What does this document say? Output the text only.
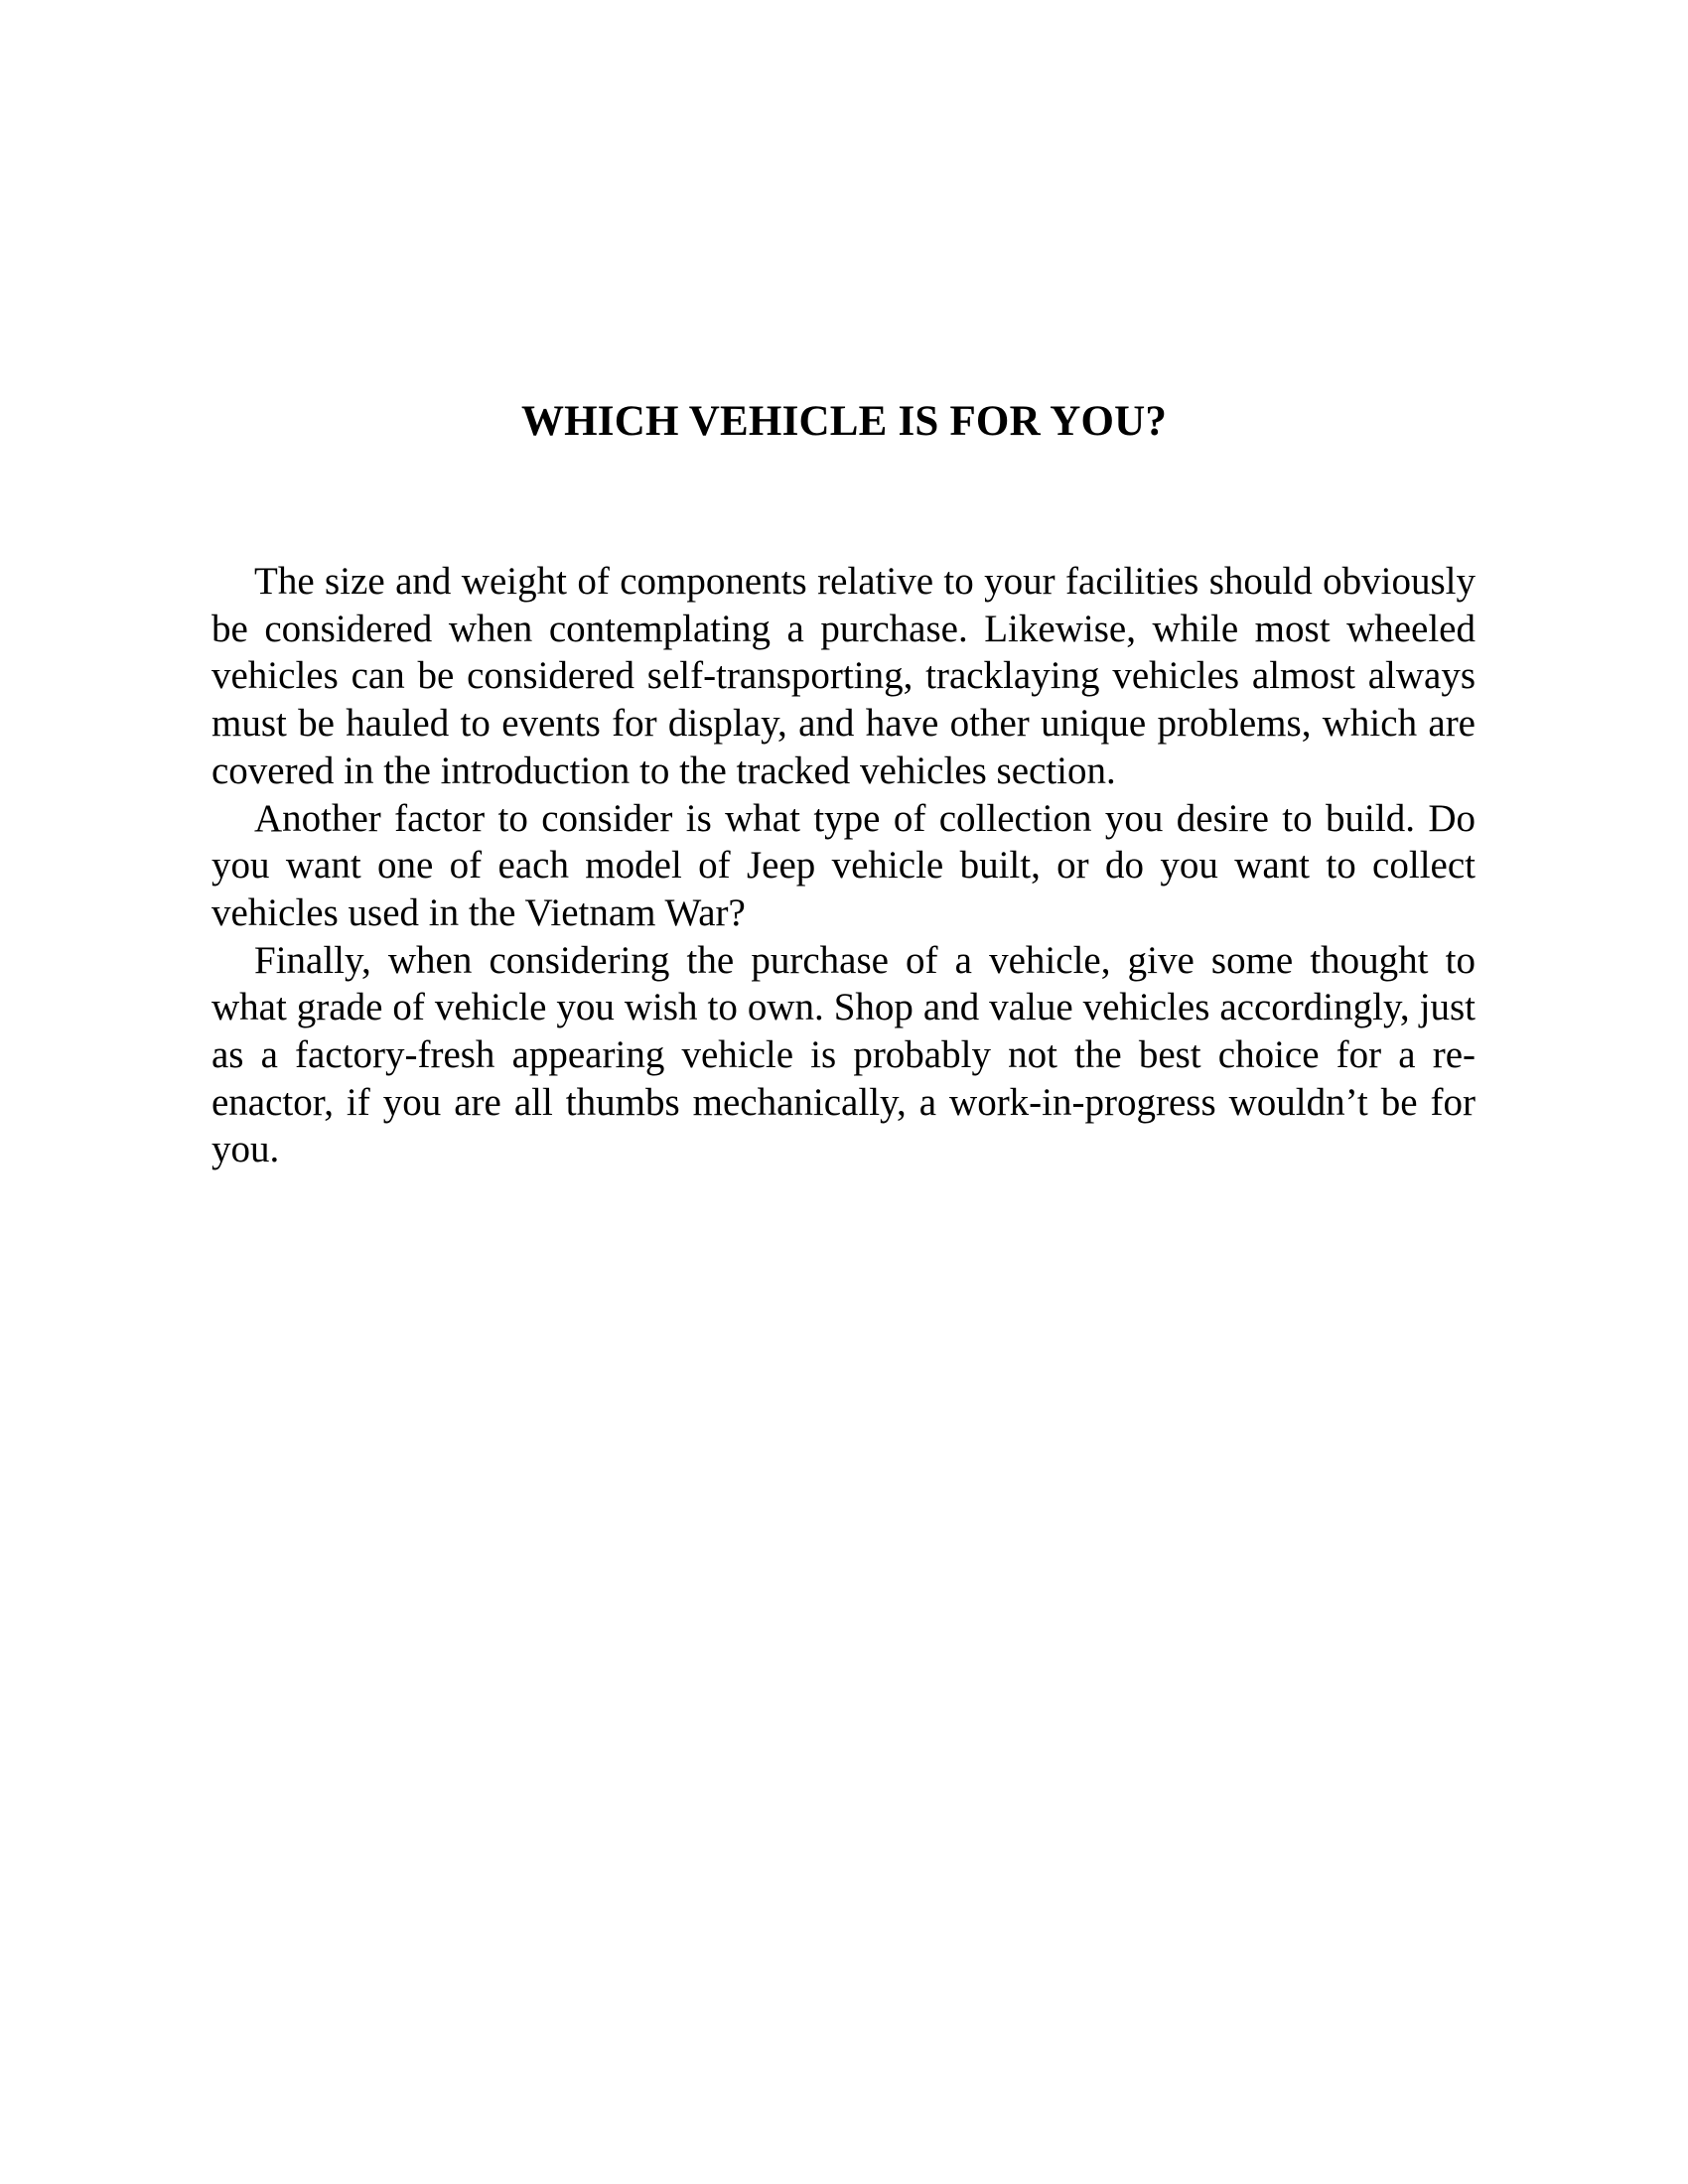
WHICH VEHICLE IS FOR YOU?

The size and weight of components relative to your facilities should obviously be considered when contemplating a purchase. Likewise, while most wheeled vehicles can be considered self-transporting, tracklaying vehicles almost always must be hauled to events for display, and have other unique problems, which are covered in the introduction to the tracked vehicles section.

Another factor to consider is what type of collection you desire to build. Do you want one of each model of Jeep vehicle built, or do you want to collect vehicles used in the Vietnam War?

Finally, when considering the purchase of a vehicle, give some thought to what grade of vehicle you wish to own. Shop and value vehicles accordingly, just as a factory-fresh appearing vehicle is probably not the best choice for a re-enactor, if you are all thumbs mechanically, a work-in-progress wouldn’t be for you.
